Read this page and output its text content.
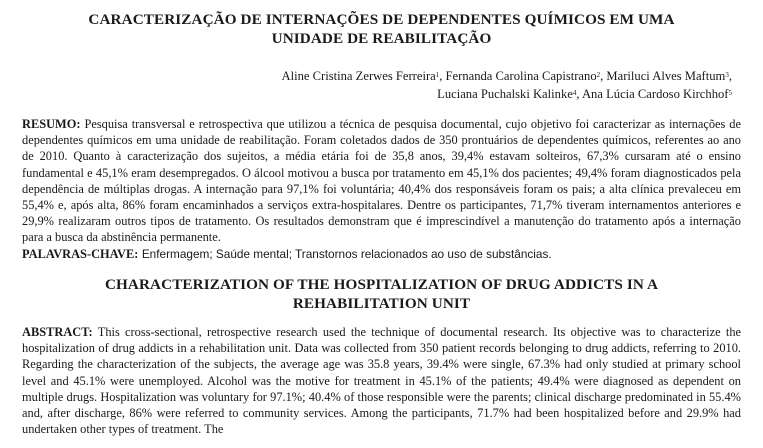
CARACTERIZAÇÃO DE INTERNAÇÕES DE DEPENDENTES QUÍMICOS EM UMA
UNIDADE DE REABILITAÇÃO
Aline Cristina Zerwes Ferreira$^1$, Fernanda Carolina Capistrano$^2$, Mariluci Alves Maftum$^3$,
Luciana Puchalski Kalinke$^4$, Ana Lúcia Cardoso Kirchhof$^5$

RESUMO: Pesquisa transversal e retrospectiva que utilizou a técnica de pesquisa documental, cujo objetivo foi caracterizar as internações de dependentes químicos em uma unidade de reabilitação. Foram coletados dados de 350 prontuários de dependentes químicos, referentes ao ano de 2010. Quanto à caracterização dos sujeitos, a média etária foi de 35,8 anos, 39,4% estavam solteiros, 67,3% cursaram até o ensino fundamental e 45,1% eram desempregados. O álcool motivou a busca por tratamento em 45,1% dos pacientes; 49,4% foram diagnosticados pela dependência de múltiplas drogas. A internação para 97,1% foi voluntária; 40,4% dos responsáveis foram os pais; a alta clínica prevaleceu em 55,4% e, após alta, 86% foram encaminhados a serviços extra-hospitalares. Dentre os participantes, 71,7% tiveram internamentos anteriores e 29,9% realizaram outros tipos de tratamento. Os resultados demonstram que é imprescindível a manutenção do tratamento após a internação para a busca da abstinência permanente.

PALAVRAS-CHAVE: Enfermagem; Saúde mental; Transtornos relacionados ao uso de substâncias.
CHARACTERIZATION OF THE HOSPITALIZATION OF DRUG ADDICTS IN A
REHABILITATION UNIT

ABSTRACT: This cross-sectional, retrospective research used the technique of documental research. Its objective was to characterize the hospitalization of drug addicts in a rehabilitation unit. Data was collected from 350 patient records belonging to drug addicts, referring to 2010. Regarding the characterization of the subjects, the average age was 35.8 years, 39.4% were single, 67.3% had only studied at primary school level and 45.1% were unemployed. Alcohol was the motive for treatment in 45.1% of the patients; 49.4% were diagnosed as dependent on multiple drugs. Hospitalization was voluntary for 97.1%; 40.4% of those responsible were the parents; clinical discharge predominated in 55.4% and, after discharge, 86% were referred to community services. Among the participants, 71.7% had been hospitalized before and 29.9% had undertaken other types of treatment. The
